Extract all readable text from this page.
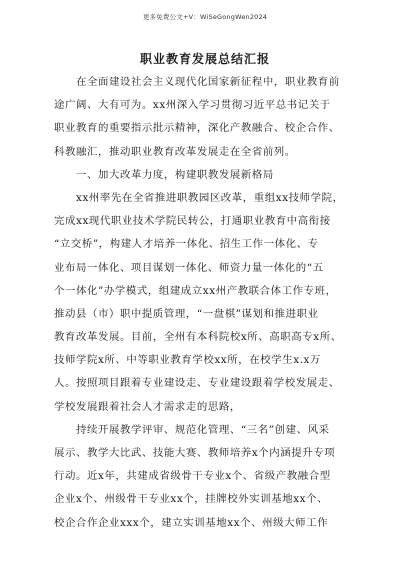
更多免费公文+V：WiSeGongWen2024
职业教育发展总结汇报
在全面建设社会主义现代化国家新征程中，职业教育前
途广阔、大有可为。xx州深入学习贯彻习近平总书记关于
职业教育的重要指示批示精神，深化产教融合、校企合作、
科教融汇，推动职业教育改革发展走在全省前列。
一、加大改革力度，构建职教发展新格局
xx州率先在全省推进职教园区改革，重组xx技师学院，
完成xx现代职业技术学院民转公，打通职业教育中高衔接
“立交桥”，构建人才培养一体化、招生工作一体化、专
业布局一体化、项目谋划一体化、师资力量一体化的“五
个一体化”办学模式，组建成立xx州产教联合体工作专班，
推动县（市）职中提质管理，“一盘棋”谋划和推进职业
教育改革发展。目前，全州有本科院校x所、高职高专x所、
技师学院x所、中等职业教育学校xx所，在校学生x.x万
人。按照项目跟着专业建设走、专业建设跟着学校发展走、
学校发展跟着社会人才需求走的思路，
持续开展教学评审、规范化管理、“三名”创建、风采
展示、教学大比武、技能大赛、教师培养x个内涵提升专项
行动。近x年，共建成省级骨干专业x个、省级产教融合型
企业x个、州级骨干专业xx个，挂牌校外实训基地xx个、
校企合作企业xxx个，建立实训基地xx个、州级大师工作
